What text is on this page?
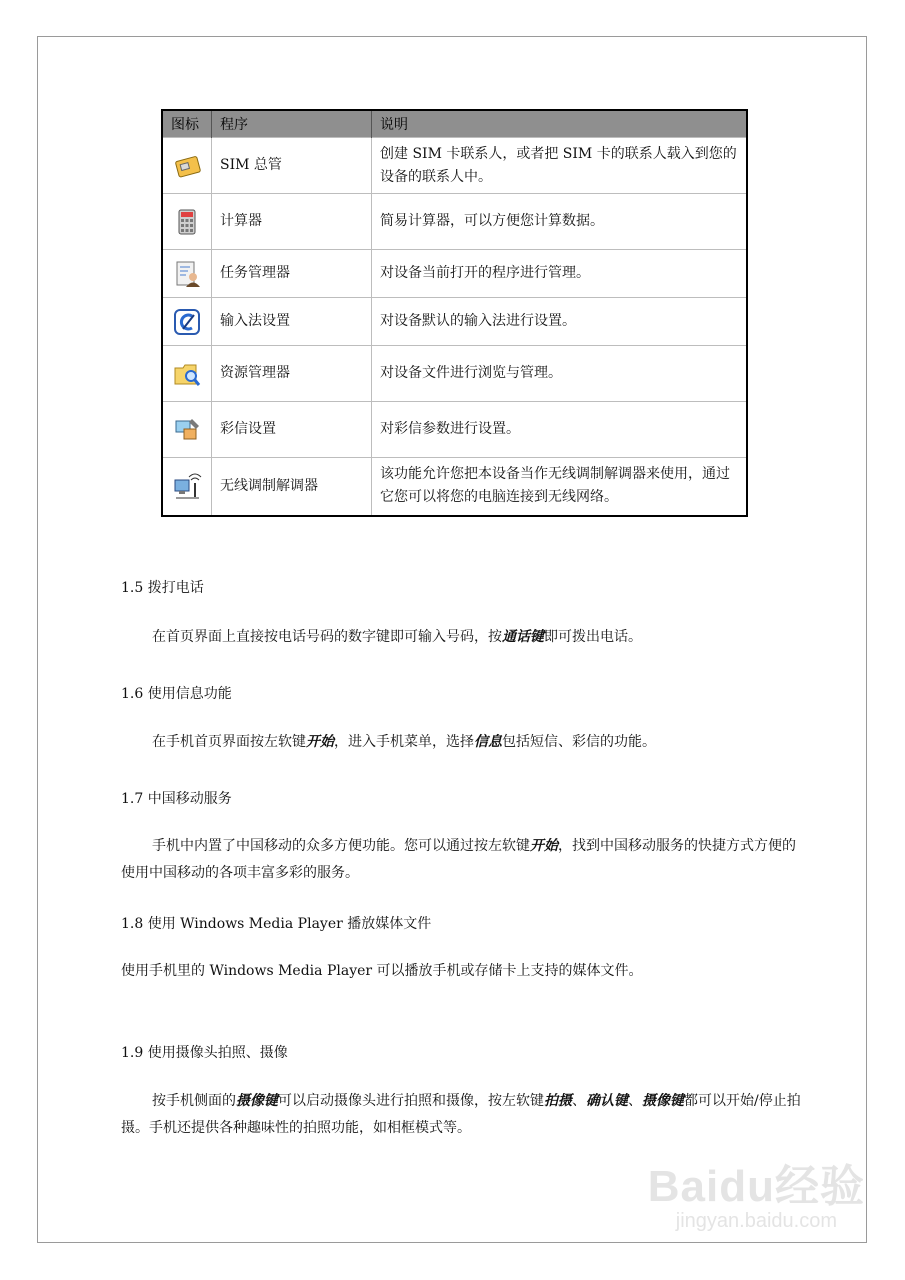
图标	程序	说明
	SIM 总管	创建 SIM 卡联系人，或者把 SIM 卡的联系人载入到您的设备的联系人中。
	计算器	简易计算器，可以方便您计算数据。
	任务管理器	对设备当前打开的程序进行管理。
	输入法设置	对设备默认的输入法进行设置。
	资源管理器	对设备文件进行浏览与管理。
	彩信设置	对彩信参数进行设置。
	无线调制解调器	该功能允许您把本设备当作无线调制解调器来使用，通过它您可以将您的电脑连接到无线网络。
1.5 拨打电话
在首页界面上直接按电话号码的数字键即可输入号码，按通话键即可拨出电话。
1.6 使用信息功能
在手机首页界面按左软键开始，进入手机菜单，选择信息包括短信、彩信的功能。
1.7 中国移动服务
手机中内置了中国移动的众多方便功能。您可以通过按左软键开始，找到中国移动服务的快捷方式方便的使用中国移动的各项丰富多彩的服务。
1.8 使用 Windows Media Player 播放媒体文件
使用手机里的 Windows Media Player 可以播放手机或存储卡上支持的媒体文件。
1.9 使用摄像头拍照、摄像
按手机侧面的摄像键可以启动摄像头进行拍照和摄像，按左软键拍摄、确认键、摄像键都可以开始/停止拍摄。手机还提供各种趣味性的拍照功能，如相框模式等。
Baidu经验
jingyan.baidu.com
